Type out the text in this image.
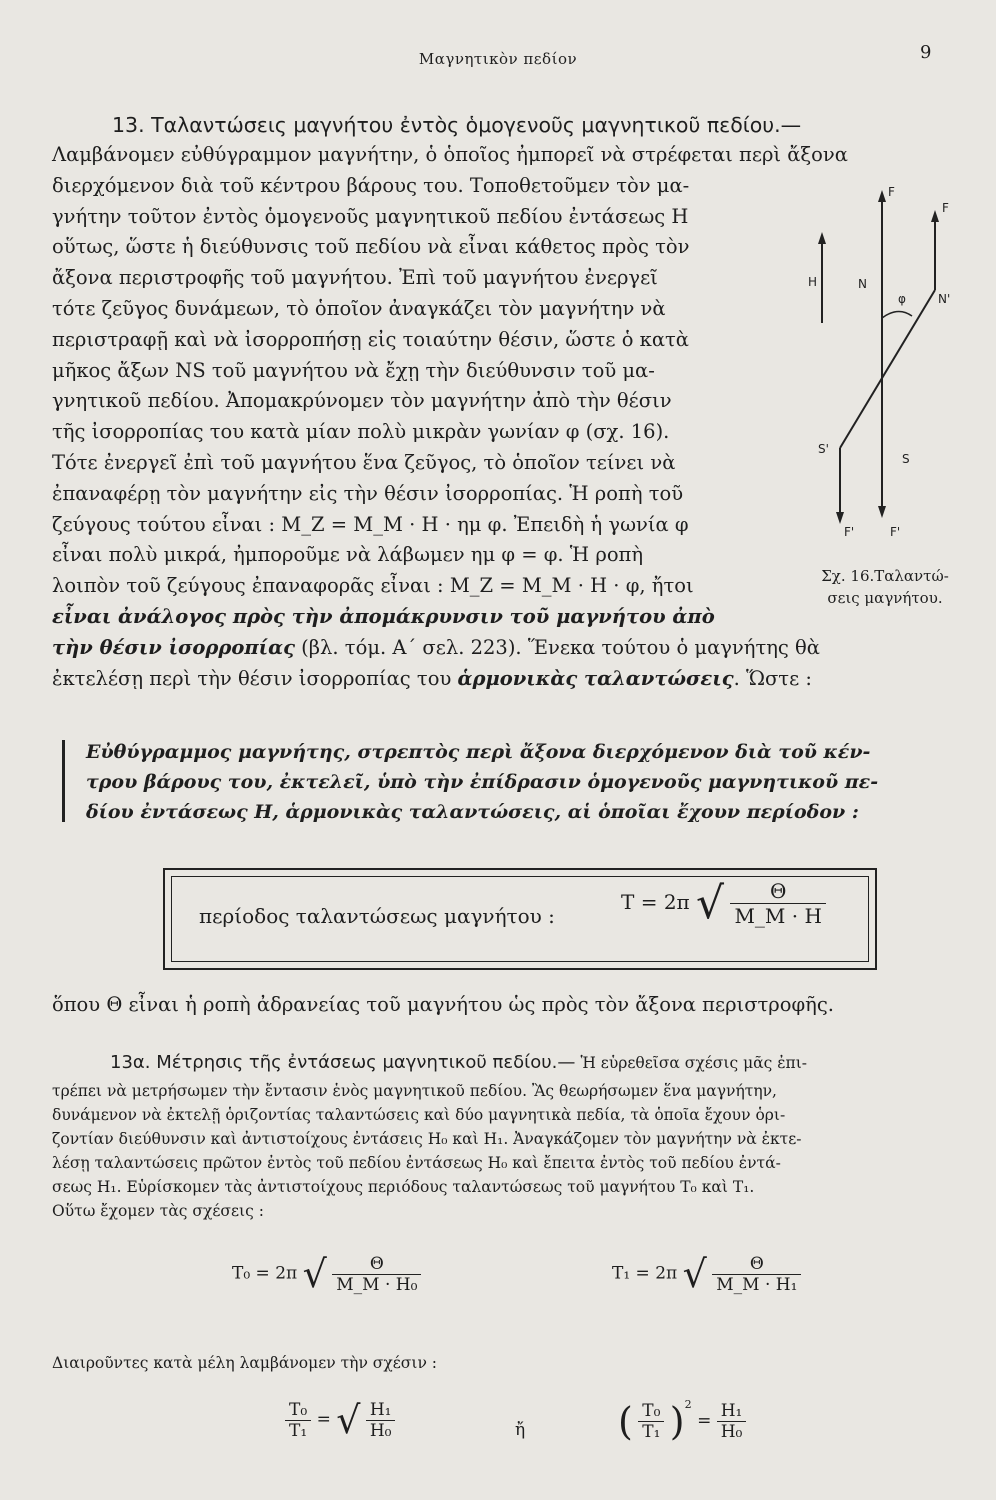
Μαγνητικὸν πεδίον	9
13. Ταλαντώσεις μαγνήτου ἐντὸς ὁμογενοῦς μαγνητικοῦ πεδίου.—
Λαμβάνομεν εὐθύγραμμον μαγνήτην, ὁ ὁποῖος ἠμπορεῖ νὰ στρέφεται περὶ ἄξονα
διερχόμενον διὰ τοῦ κέντρου βάρους του. Τοποθετοῦμεν τὸν μα-
γνήτην τοῦτον ἐντὸς ὁμογενοῦς μαγνητικοῦ πεδίου ἐντάσεως H
οὕτως, ὥστε ἡ διεύθυνσις τοῦ πεδίου νὰ εἶναι κάθετος πρὸς τὸν
ἄξονα περιστροφῆς τοῦ μαγνήτου. Ἐπὶ τοῦ μαγνήτου ἐνεργεῖ
τότε ζεῦγος δυνάμεων, τὸ ὁποῖον ἀναγκάζει τὸν μαγνήτην νὰ
περιστραφῇ καὶ νὰ ἰσορροπήσῃ εἰς τοιαύτην θέσιν, ὥστε ὁ κατὰ
μῆκος ἄξων NS τοῦ μαγνήτου νὰ ἔχῃ τὴν διεύθυνσιν τοῦ μα-
γνητικοῦ πεδίου. Ἀπομακρύνομεν τὸν μαγνήτην ἀπὸ τὴν θέσιν
τῆς ἰσορροπίας του κατὰ μίαν πολὺ μικρὰν γωνίαν φ (σχ. 16).
Τότε ἐνεργεῖ ἐπὶ τοῦ μαγνήτου ἕνα ζεῦγος, τὸ ὁποῖον τείνει νὰ
ἐπαναφέρῃ τὸν μαγνήτην εἰς τὴν θέσιν ἰσορροπίας. Ἡ ροπὴ τοῦ
ζεύγους τούτου εἶναι : M_Z = M_M · H · ημ φ. Ἐπειδὴ ἡ γωνία φ
εἶναι πολὺ μικρά, ἠμποροῦμε νὰ λάβωμεν ημ φ = φ. Ἡ ροπὴ
λοιπὸν τοῦ ζεύγους ἐπαναφορᾶς εἶναι : M_Z = M_M · H · φ, ἤτοι
εἶναι ἀνάλογος πρὸς τὴν ἀπομάκρυνσιν τοῦ μαγνήτου ἀπὸ
τὴν θέσιν ἰσορροπίας (βλ. τόμ. Α΄ σελ. 223). Ἕνεκα τούτου ὁ μαγνήτης θὰ
ἐκτελέσῃ περὶ τὴν θέσιν ἰσορροπίας του ἁρμονικὰς ταλαντώσεις. Ὥστε :
H
F
F
N
N'
φ
S'
S
F'	F'
Σχ. 16.Ταλαντώ-
σεις μαγνήτου.
Εὐθύγραμμος μαγνήτης, στρεπτὸς περὶ ἄξονα διερχόμενον διὰ τοῦ κέν-
τρου βάρους του, ἐκτελεῖ, ὑπὸ τὴν ἐπίδρασιν ὁμογενοῦς μαγνητικοῦ πε-
δίου ἐντάσεως H, ἁρμονικὰς ταλαντώσεις, αἱ ὁποῖαι ἔχουν περίοδον :
περίοδος ταλαντώσεως μαγνήτου :
T = 2π √ $\frac{\Theta}{M\_M \cdot H}$
ὅπου Θ εἶναι ἡ ροπὴ ἀδρανείας τοῦ μαγνήτου ὡς πρὸς τὸν ἄξονα περιστροφῆς.
13α. Μέτρησις τῆς ἐντάσεως μαγνητικοῦ πεδίου.— Ἡ εὑρεθεῖσα σχέσις μᾶς ἐπι-
τρέπει νὰ μετρήσωμεν τὴν ἔντασιν ἑνὸς μαγνητικοῦ πεδίου. Ἂς θεωρήσωμεν ἕνα μαγνήτην,
δυνάμενον νὰ ἐκτελῇ ὁριζοντίας ταλαντώσεις καὶ δύο μαγνητικὰ πεδία, τὰ ὁποῖα ἔχουν ὁρι-
ζοντίαν διεύθυνσιν καὶ ἀντιστοίχους ἐντάσεις H₀ καὶ H₁. Ἀναγκάζομεν τὸν μαγνήτην νὰ ἐκτε-
λέσῃ ταλαντώσεις πρῶτον ἐντὸς τοῦ πεδίου ἐντάσεως H₀ καὶ ἔπειτα ἐντὸς τοῦ πεδίου ἐντά-
σεως H₁. Εὑρίσκομεν τὰς ἀντιστοίχους περιόδους ταλαντώσεως τοῦ μαγνήτου T₀ καὶ T₁.
Οὕτω ἔχομεν τὰς σχέσεις :
T₀ = 2π √ $\frac{\Theta}{\text{M\_M · H₀}}$	T₁ = 2π √ $\frac{\Theta}{\text{M\_M · H₁}}$
Διαιροῦντες κατὰ μέλη λαμβάνομεν τὴν σχέσιν :
$\frac{\text{T₀}}{\text{T₁}}$ = √ $\frac{\text{H₁}}{\text{H₀}}$	ἤ ( $\frac{\text{T₀}}{\text{T₁}} )^2 = \frac{\text{H₁}}{\text{H₀}}$
